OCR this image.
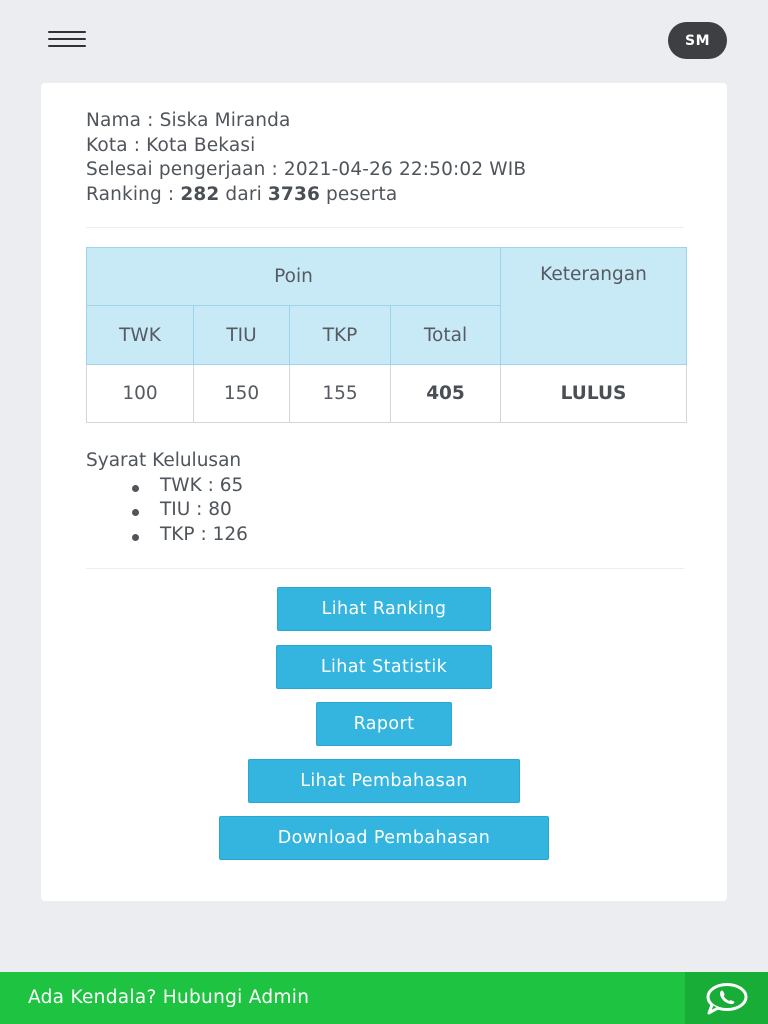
SM
Nama : Siska Miranda
Kota : Kota Bekasi
Selesai pengerjaan : 2021-04-26 22:50:02 WIB
Ranking : 282 dari 3736 peserta
Poin				Keterangan
TWK	TIU	TKP	Total	
100	150	155	405	LULUS
Syarat Kelulusan
TWK : 65
TIU : 80
TKP : 126
Lihat Ranking
Lihat Statistik
Raport
Lihat Pembahasan
Download Pembahasan
Ada Kendala? Hubungi Admin
